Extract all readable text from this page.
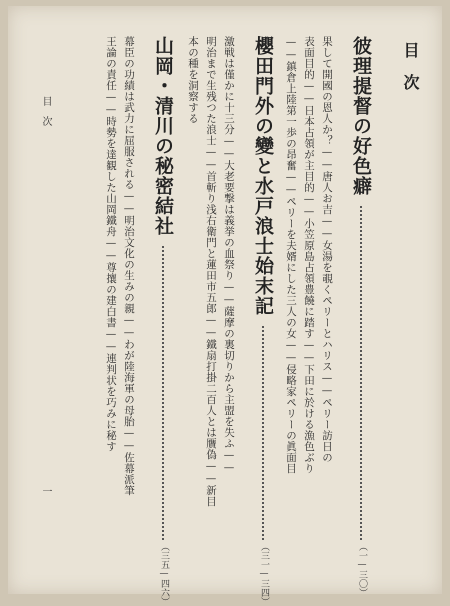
目　次
彼理提督の好色癖
（一—三〇）
果して開國の恩人か？——唐人お吉——女湯を覗くペリーとハリス——ペリー訪日の
表面目的——日本占領が主目的——小笠原島占領豊饒に踏す——下田に於ける漁色ぶり
——鎮倉上陸第一歩の昂奮——ペリーを夫婿にした三人の女——侵略家ペリーの眞面目
櫻田門外の變と水戸浪士始末記
（三一—三四）
激戦は僅かに十三分——大老要撃は義挙の血祭り——薩摩の裏切りから主盟を失ふ——
明治まで生残つた浪士——首斬り浅右衛門と蓮田市五郎——鐵扇打掛二百人とは贋偽——新目
本の種を洞察する
山岡・清川の秘密結社
（三五—四六）
幕臣の功績は武力に屈服される——明治文化の生みの親——わが陸海軍の母胎——佐幕派筆
王論の責任——時勢を達観した山岡鐵舟——尊攘の建白書——連判状を巧みに秘す
目　次
一
